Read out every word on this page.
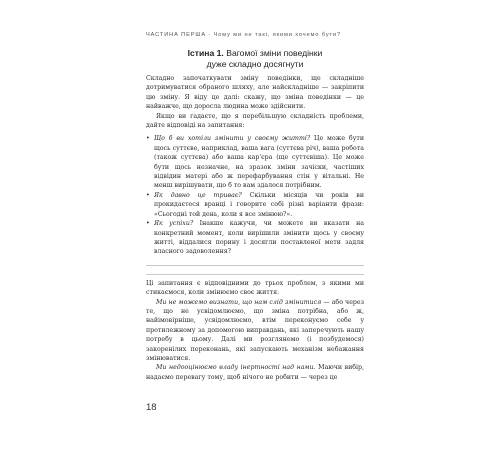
ЧАСТИНА ПЕРША · Чому ми не такі, якими хочемо бути?
Істина 1. Вагомої зміни поведінки
дуже складно досягнути

Складно започаткувати зміну поведінки, ще складніше дотримуватися обраного шляху, але найскладніше — закріпити цю зміну. Я віду це далі: скажу, що зміна поведінки — це найважче, що доросла людина може здійснити.

Якщо ви гадаєте, що я перебільшую складність проблеми, дайте відповіді на запитання:

• Що б ви хотіли змінити у своєму житті? Це може бути щось суттєве, наприклад, ваша вага (суттєва річ), ваша робота (також суттєва) або ваша кар'єра (ще суттєвіша). Це може бути щось незначне, на зразок зміни зачіски, частіших відвідин матері або ж перефарбування стін у вітальні. Не менш вирішувати, що б то вам здалося потрібним.
• Як давно це триває? Скільки місяців чи років ви прокидаєтеся вранці і говорите собі різні варіанти фрази: «Сьогодні той день, коли я все змінюю?».
• Як успіхи? Інакше кажучи, чи можете ви вказати на конкретний момент, коли вирішили змінити щось у своєму житті, віддалися порину і досягли поставленої мети задля власного задоволення?

Ці запитання є відповідними до трьох проблем, з якими ми стикаємося, коли змінюємо своє життя.

Ми не можемо визнати, що нам слід змінитися — або через те, що не усвідомлюємо, що зміна потрібна, або ж, найімовірніше, усвідомлюємо, втім переконуємо себе у протилежному за допомогою виправдань, які заперечують нашу потребу в цьому. Далі ми розглянемо (і позбудемося) закоренілих переконань, які запускають механізм небажання змінюватися.

Ми недооцінюємо владу інертності над нами. Маючи вибір, надаємо перевагу тому, щоб нічого не робити — через це

18
